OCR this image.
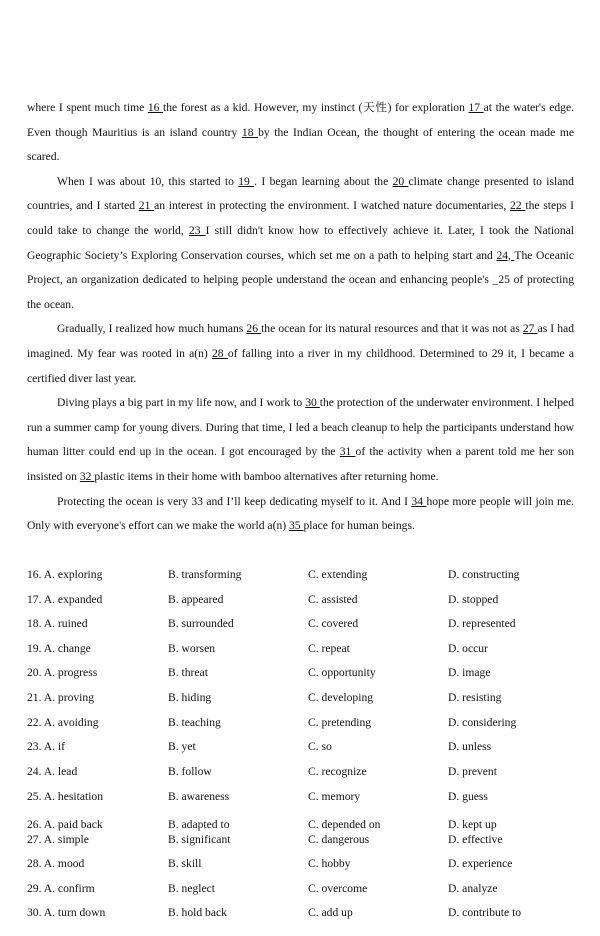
where I spent much time 16 the forest as a kid. However, my instinct (天性) for exploration 17 at the water's edge. Even though Mauritius is an island country 18 by the Indian Ocean, the thought of entering the ocean made me scared.

When I was about 10, this started to 19 . I began learning about the 20 climate change presented to island countries, and I started 21 an interest in protecting the environment. I watched nature documentaries, 22 the steps I could take to change the world, 23 I still didn't know how to effectively achieve it. Later, I took the National Geographic Society’s Exploring Conservation courses, which set me on a path to helping start and 24, The Oceanic Project, an organization dedicated to helping people understand the ocean and enhancing people's _25 of protecting the ocean.

Gradually, I realized how much humans 26 the ocean for its natural resources and that it was not as 27 as I had imagined. My fear was rooted in a(n) 28 of falling into a river in my childhood. Determined to 29 it, I became a certified diver last year.

Diving plays a big part in my life now, and I work to 30 the protection of the underwater environment. I helped run a summer camp for young divers. During that time, I led a beach cleanup to help the participants understand how human litter could end up in the ocean. I got encouraged by the 31 of the activity when a parent told me her son insisted on 32 plastic items in their home with bamboo alternatives after returning home.

Protecting the ocean is very 33 and I’ll keep dedicating myself to it. And I 34 hope more people will join me. Only with everyone's effort can we make the world a(n) 35 place for human beings.

16. A. exploring	B. transforming	C. extending	D. constructing
17. A. expanded	B. appeared	C. assisted	D. stopped
18. A. ruined	B. surrounded	C. covered	D. represented
19. A. change	B. worsen	C. repeat	D. occur
20. A. progress	B. threat	C. opportunity	D. image
21. A. proving	B. hiding	C. developing	D. resisting
22. A. avoiding	B. teaching	C. pretending	D. considering
23. A. if	B. yet	C. so	D. unless
24. A. lead	B. follow	C. recognize	D. prevent
25. A. hesitation	B. awareness	C. memory	D. guess
26. A. paid back	B. adapted to	C. depended on	D. kept up
27. A. simple	B. significant	C. dangerous	D. effective
28. A. mood	B. skill	C. hobby	D. experience
29. A. confirm	B. neglect	C. overcome	D. analyze
30. A. turn down	B. hold back	C. add up	D. contribute to
